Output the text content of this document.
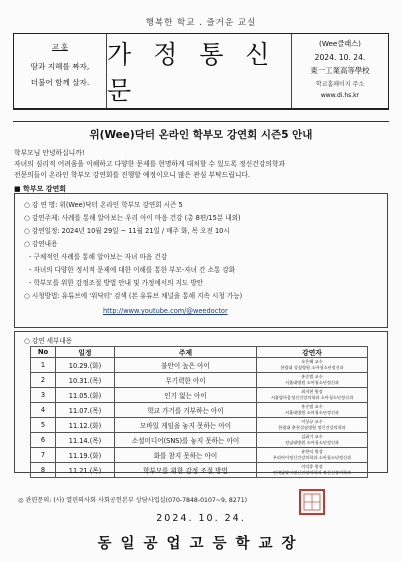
행복한 학교 . 즐거운 교실
교 훈
땀과 지혜를 짜자,
더불어 함께 살자.
가 정 통 신 문
(Wee클래스)
2024. 10. 24.
東一工業高等學校
학교홈페이지 주소
www.di.hs.kr
위(Wee)닥터 온라인 학부모 강연회 시즌5 안내
학부모님 안녕하십니까!
자녀의 심리적 어려움을 이해하고 다양한 문제를 현명하게 대처할 수 있도록 정신건강의학과
전문의들이 온라인 학부모 강연회를 진행할 예정이오니 많은 관심 부탁드립니다.
■ 학부모 강연회
○ 강 연 명: 위(Wee)닥터 온라인 학부모 강연회 시즌 5
○ 강연주제: 사례를 통해 알아보는 우리 아이 마음 건강 (총 8편/15분 내외)
○ 강연일정: 2024년 10월 29일 ~ 11월 21일 / 매주 화, 목 오전 10시
○ 강연내용
- 구체적인 사례를 통해 알아보는 자녀 마음 건강
- 자녀의 다양한 정서적 문제에 대한 이해를 통한 부모-자녀 간 소통 강화
- 학부모를 위한 감정조절 방법 안내 및 가정에서의 지도 방안
○ 시청방법: 유튜브에 '위닥터' 검색 (본 유튜브 채널을 통해 지속 시청 가능)
http://www.youtube.com/@weedoctor
○ 강연 세부내용
No	일정	주제	강연자
1	10.29.(화)	불안이 높은 아이	오은혜 교수
한림대 성심병원 소아청소년정신과

2	10.31.(목)	무기력한 아이	홍순범 교수
서울대병원 소아청소년정신과

3	11.05.(화)	인기 없는 아이	최지현 원장
서울탑마음정신건강의학과 소아청소년정신과

4	11.07.(목)	학교 가기를 거부하는 아이	홍순범 교수
서울대병원 소아청소년정신과

5	11.12.(화)	모바일 게임을 놓지 못하는 아이	이상규 교수
한림대 춘천성심병원 정신건강의학과

6	11.14.(목)	소셜미디어(SNS)를 놓지 못하는 아이	김취기 교수
전남대병원 소아청소년정신과

7	11.19.(화)	화를 참지 못하는 아이	유한익 원장
우리아이정신건강의학과 소아청소년정신과

8	11.21.(목)	학부모를 위한 감정 조절 방법	이덕종 원장
연세달맞이정신건강의학과 정신건강의학과
◎ 관련문의: (사) 열린의사회 사회공헌본부 상담사업실(070-7848-0107~9, 8271)
2024. 10. 24.
동일공업고등학교장
